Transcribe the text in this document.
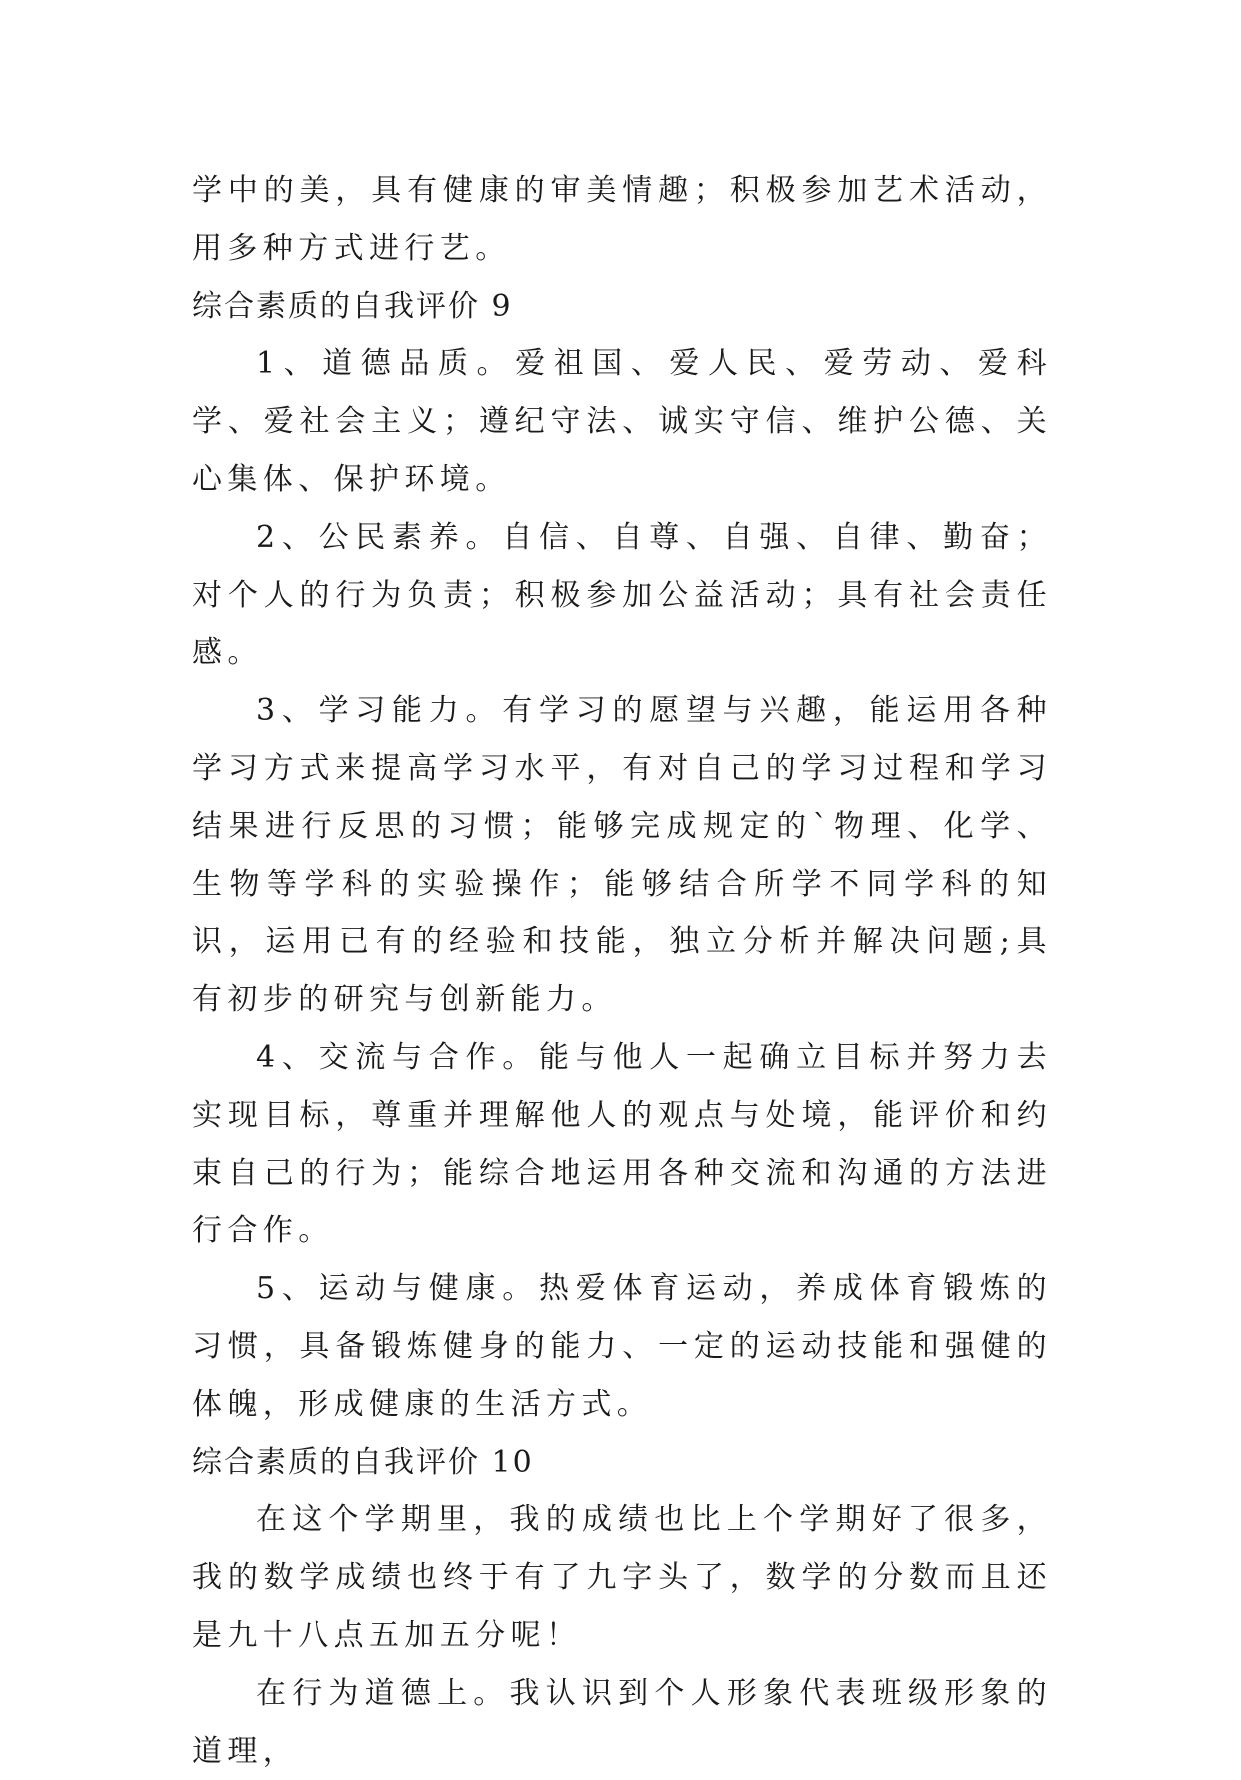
学中的美，具有健康的审美情趣；积极参加艺术活动，用多种方式进行艺。

综合素质的自我评价 9

1、道德品质。爱祖国、爱人民、爱劳动、爱科学、爱社会主义；遵纪守法、诚实守信、维护公德、关心集体、保护环境。

2、公民素养。自信、自尊、自强、自律、勤奋；对个人的行为负责；积极参加公益活动；具有社会责任感。

3、学习能力。有学习的愿望与兴趣，能运用各种学习方式来提高学习水平，有对自己的学习过程和学习结果进行反思的习惯；能够完成规定的`物理、化学、生物等学科的实验操作；能够结合所学不同学科的知识，运用已有的经验和技能，独立分析并解决问题;具有初步的研究与创新能力。

4、交流与合作。能与他人一起确立目标并努力去实现目标，尊重并理解他人的观点与处境，能评价和约束自己的行为；能综合地运用各种交流和沟通的方法进行合作。

5、运动与健康。热爱体育运动，养成体育锻炼的习惯，具备锻炼健身的能力、一定的运动技能和强健的体魄，形成健康的生活方式。

综合素质的自我评价 10

在这个学期里，我的成绩也比上个学期好了很多，我的数学成绩也终于有了九字头了，数学的分数而且还是九十八点五加五分呢！

在行为道德上。我认识到个人形象代表班级形象的道理，
